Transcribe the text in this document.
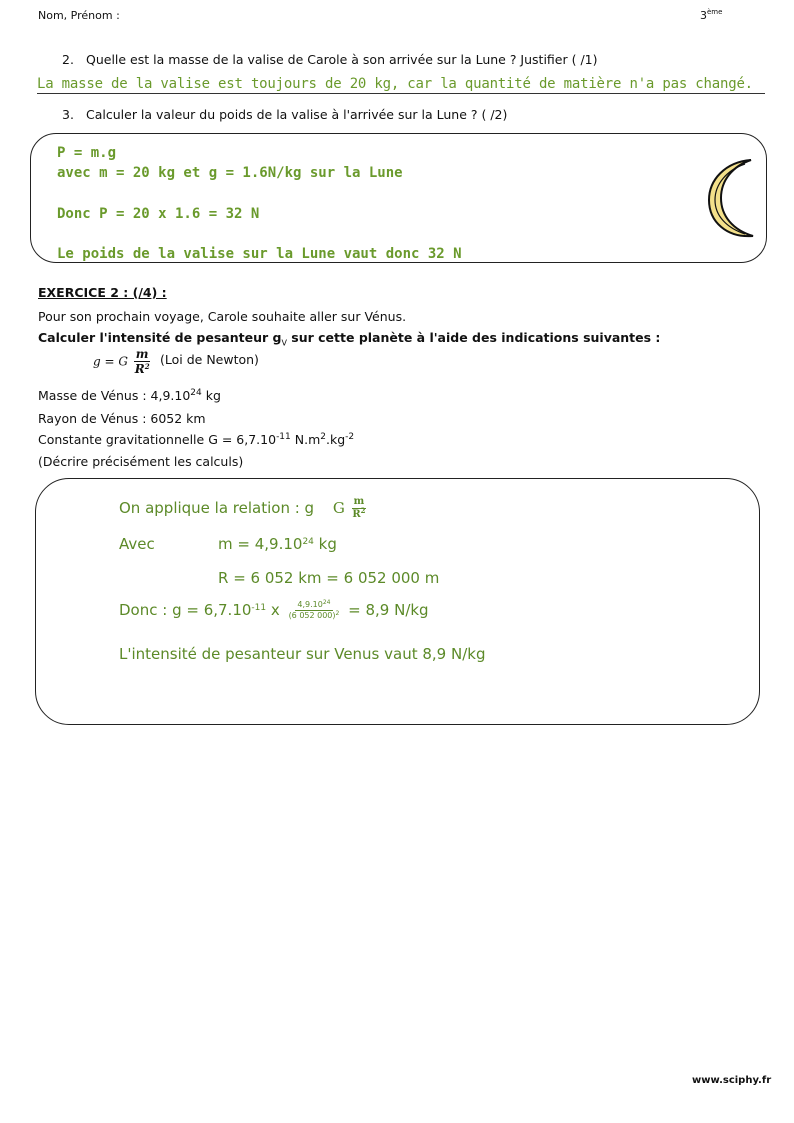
Nom, Prénom :	3ème
2. Quelle est la masse de la valise de Carole à son arrivée sur la Lune ? Justifier ( /1)
La masse de la valise est toujours de 20 kg, car la quantité de matière n'a pas changé.
3. Calculer la valeur du poids de la valise à l'arrivée sur la Lune ? ( /2)
P = m.g
avec m = 20 kg et g = 1.6N/kg sur la Lune
Donc P = 20 x 1.6 = 32 N
Le poids de la valise sur la Lune vaut donc 32 N
EXERCICE 2 : (/4) :
Pour son prochain voyage, Carole souhaite aller sur Vénus.
Calculer l'intensité de pesanteur $g_V$ sur cette planète à l'aide des indications suivantes :
g = G $\frac{m}{R^2} (Loi$ de Newton)
Masse de Vénus : 4,9.10$^{24}$ kg
Rayon de Vénus : 6052 km
Constante gravitationnelle $G = 6,7.10^{-11}$ $N.m^2.kg^{-2}$
(Décrire précisément les calculs)
On applique la relation : g G $\frac{m}{R^2}$
Avec	$m = 4,9.10^{24}$ kg
R = 6 052 km = 6 052 000 m
Donc : $g = 6,7.10^{-11}$ x $\frac{4,9.10^{24}}{(6 052 000)^2} = 8,9$ N/kg
L'intensité de pesanteur sur Venus vaut 8,9 N/kg
www.sciphy.fr
